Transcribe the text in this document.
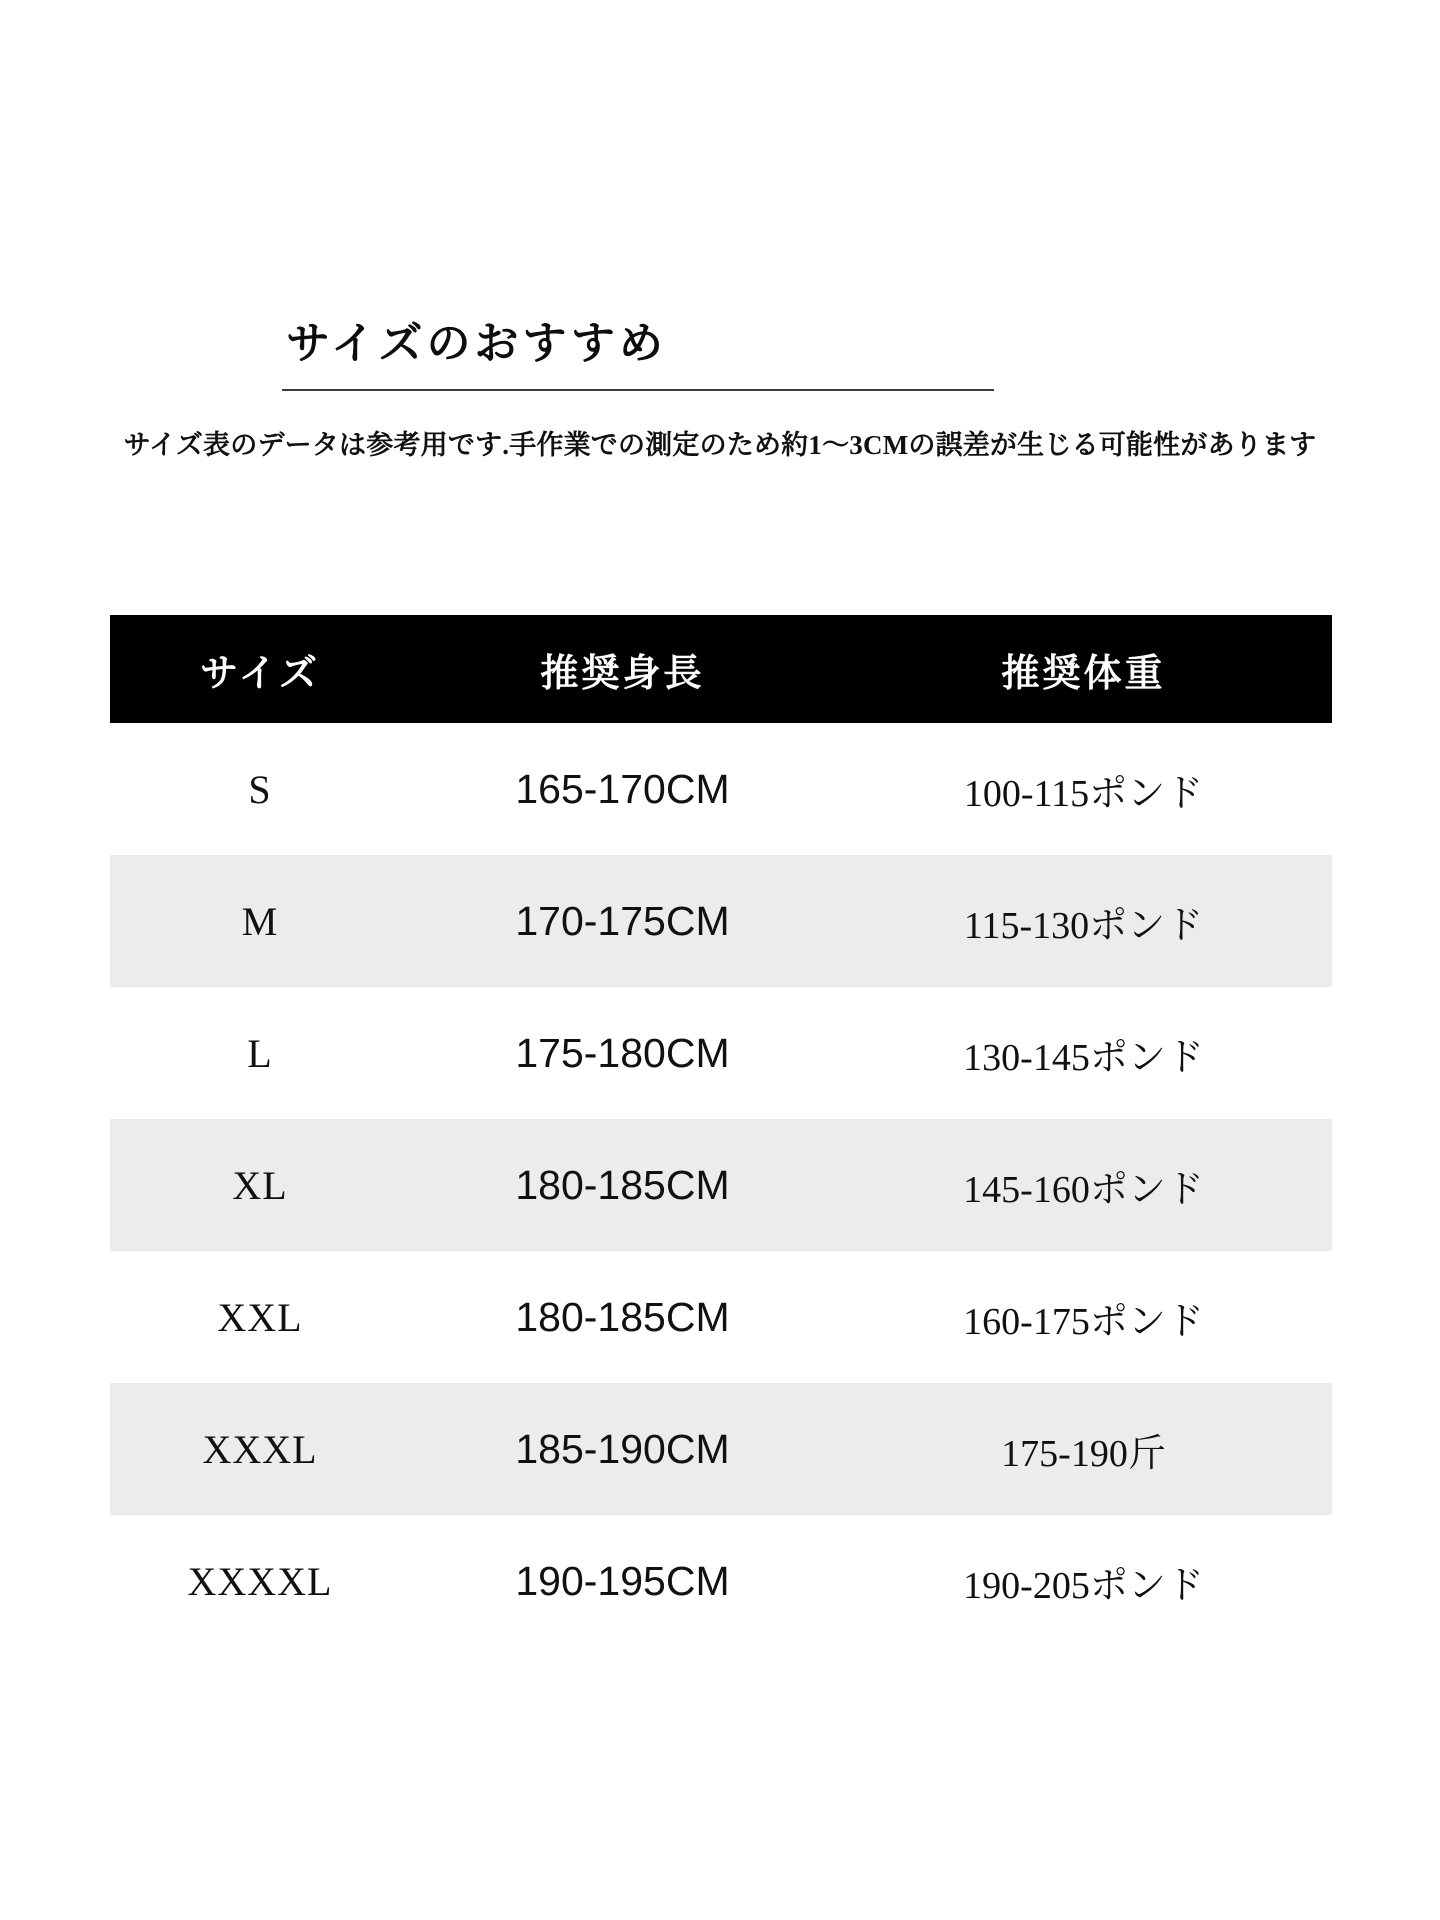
サイズのおすすめ
サイズ表のデータは参考用です.手作業での測定のため約1〜3CMの誤差が生じる可能性があります
サイズ	推奨身長	推奨体重
S	165-170CM	100-115ポンド
M	170-175CM	115-130ポンド
L	175-180CM	130-145ポンド
XL	180-185CM	145-160ポンド
XXL	180-185CM	160-175ポンド
XXXL	185-190CM	175-190斤
XXXXL	190-195CM	190-205ポンド
